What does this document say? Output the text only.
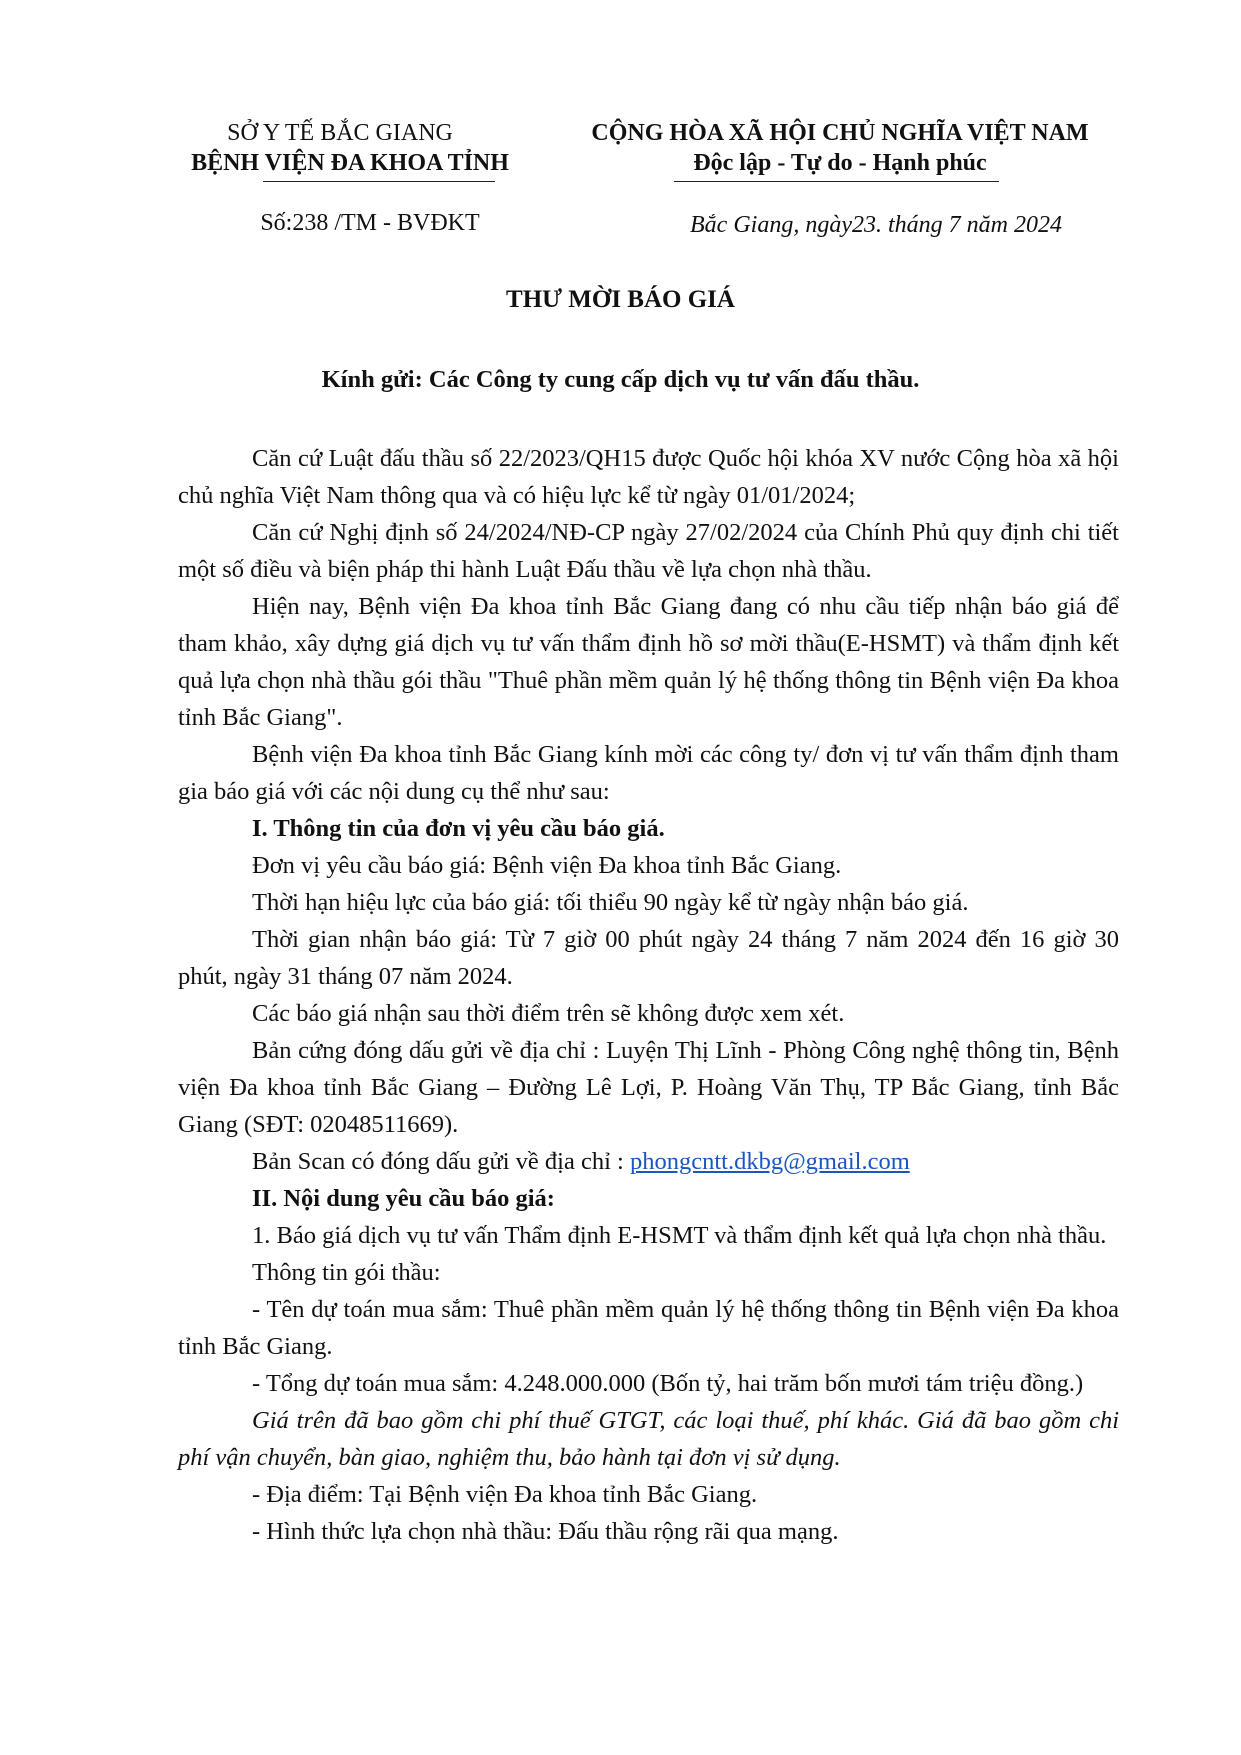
SỞ Y TẾ BẮC GIANG
BỆNH VIỆN ĐA KHOA TỈNH
CỘNG HÒA XÃ HỘI CHỦ NGHĨA VIỆT NAM
Độc lập - Tự do - Hạnh phúc
Số:238 /TM - BVĐKT	Bắc Giang, ngày23. tháng 7 năm 2024
THƯ MỜI BÁO GIÁ
Kính gửi: Các Công ty cung cấp dịch vụ tư vấn đấu thầu.

Căn cứ Luật đấu thầu số 22/2023/QH15 được Quốc hội khóa XV nước Cộng hòa xã hội chủ nghĩa Việt Nam thông qua và có hiệu lực kể từ ngày 01/01/2024;

Căn cứ Nghị định số 24/2024/NĐ-CP ngày 27/02/2024 của Chính Phủ quy định chi tiết một số điều và biện pháp thi hành Luật Đấu thầu về lựa chọn nhà thầu.

Hiện nay, Bệnh viện Đa khoa tỉnh Bắc Giang đang có nhu cầu tiếp nhận báo giá để tham khảo, xây dựng giá dịch vụ tư vấn thẩm định hồ sơ mời thầu(E-HSMT) và thẩm định kết quả lựa chọn nhà thầu gói thầu "Thuê phần mềm quản lý hệ thống thông tin Bệnh viện Đa khoa tỉnh Bắc Giang".

Bệnh viện Đa khoa tỉnh Bắc Giang kính mời các công ty/ đơn vị tư vấn thẩm định tham gia báo giá với các nội dung cụ thể như sau:

I. Thông tin của đơn vị yêu cầu báo giá.

Đơn vị yêu cầu báo giá: Bệnh viện Đa khoa tỉnh Bắc Giang.

Thời hạn hiệu lực của báo giá: tối thiểu 90 ngày kể từ ngày nhận báo giá.

Thời gian nhận báo giá: Từ 7 giờ 00 phút ngày 24 tháng 7 năm 2024 đến 16 giờ 30 phút, ngày 31 tháng 07 năm 2024.

Các báo giá nhận sau thời điểm trên sẽ không được xem xét.

Bản cứng đóng dấu gửi về địa chỉ : Luyện Thị Lĩnh - Phòng Công nghệ thông tin, Bệnh viện Đa khoa tỉnh Bắc Giang – Đường Lê Lợi, P. Hoàng Văn Thụ, TP Bắc Giang, tỉnh Bắc Giang (SĐT: 02048511669).

Bản Scan có đóng dấu gửi về địa chỉ : phongcntt.dkbg@gmail.com

II. Nội dung yêu cầu báo giá:

1. Báo giá dịch vụ tư vấn Thẩm định E-HSMT và thẩm định kết quả lựa chọn nhà thầu.

Thông tin gói thầu:

- Tên dự toán mua sắm: Thuê phần mềm quản lý hệ thống thông tin Bệnh viện Đa khoa tỉnh Bắc Giang.

- Tổng dự toán mua sắm: 4.248.000.000 (Bốn tỷ, hai trăm bốn mươi tám triệu đồng.)

Giá trên đã bao gồm chi phí thuế GTGT, các loại thuế, phí khác. Giá đã bao gồm chi phí vận chuyển, bàn giao, nghiệm thu, bảo hành tại đơn vị sử dụng.

- Địa điểm: Tại Bệnh viện Đa khoa tỉnh Bắc Giang.

- Hình thức lựa chọn nhà thầu: Đấu thầu rộng rãi qua mạng.
